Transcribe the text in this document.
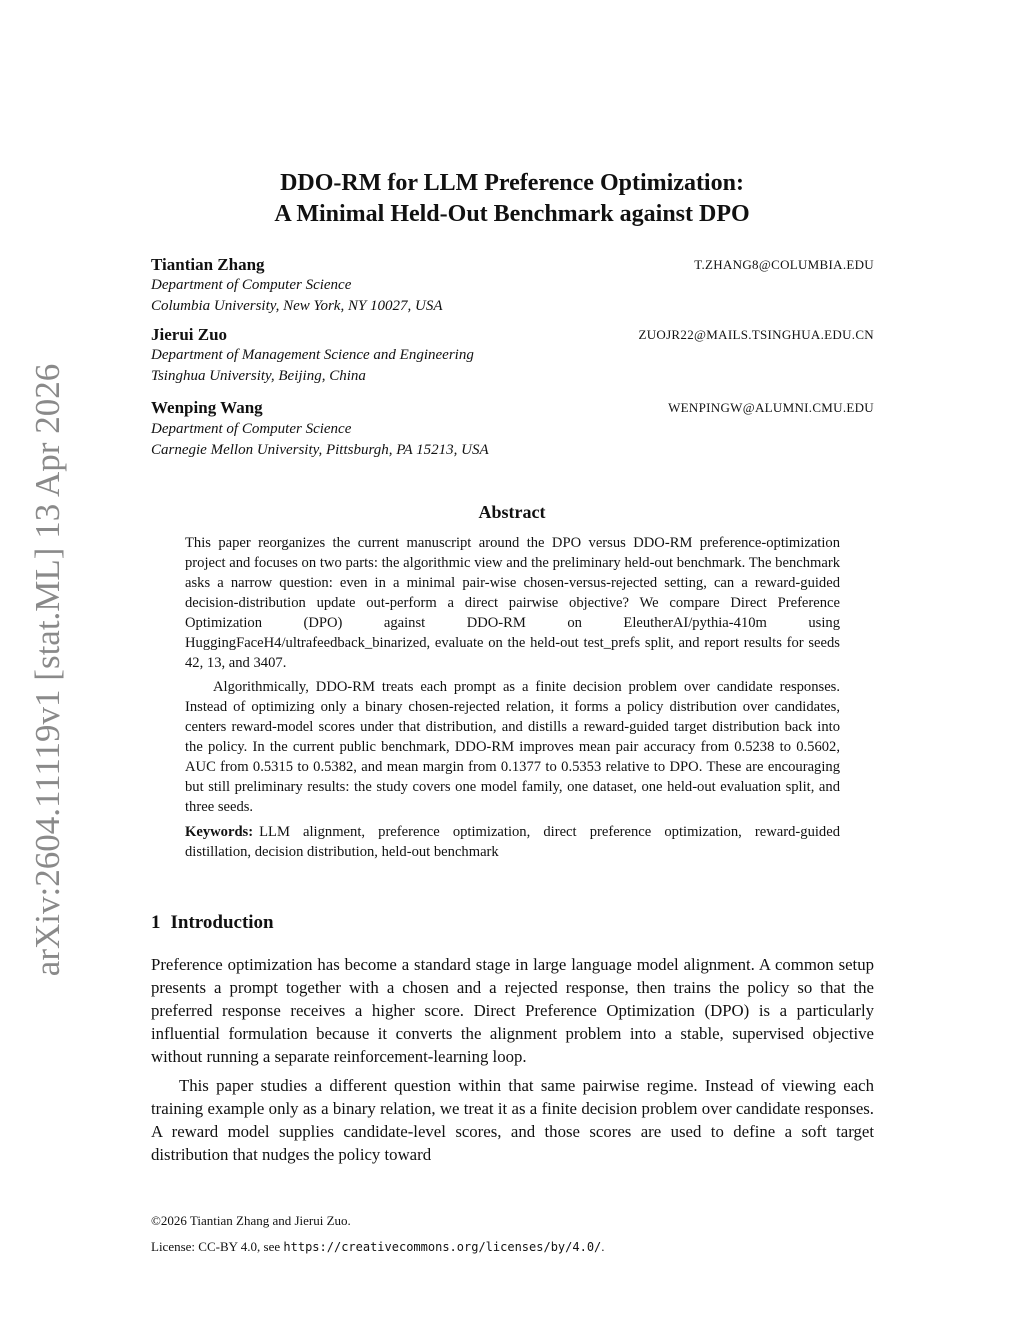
arXiv:2604.11119v1 [stat.ML] 13 Apr 2026
DDO-RM for LLM Preference Optimization:
A Minimal Held-Out Benchmark against DPO
Tiantian Zhang	T.ZHANG8@COLUMBIA.EDU
Department of Computer Science
Columbia University, New York, NY 10027, USA
Jierui Zuo	ZUOJR22@MAILS.TSINGHUA.EDU.CN
Department of Management Science and Engineering
Tsinghua University, Beijing, China
Wenping Wang	WENPINGW@ALUMNI.CMU.EDU
Department of Computer Science
Carnegie Mellon University, Pittsburgh, PA 15213, USA
Abstract

This paper reorganizes the current manuscript around the DPO versus DDO-RM preference-optimization project and focuses on two parts: the algorithmic view and the preliminary held-out benchmark. The benchmark asks a narrow question: even in a minimal pair-wise chosen-versus-rejected setting, can a reward-guided decision-distribution update out-perform a direct pairwise objective? We compare Direct Preference Optimization (DPO) against DDO-RM on EleutherAI/pythia-410m using HuggingFaceH4/ultrafeedback_binarized, evaluate on the held-out test_prefs split, and report results for seeds 42, 13, and 3407.

Algorithmically, DDO-RM treats each prompt as a finite decision problem over candidate responses. Instead of optimizing only a binary chosen-rejected relation, it forms a policy distribution over candidates, centers reward-model scores under that distribution, and distills a reward-guided target distribution back into the policy. In the current public benchmark, DDO-RM improves mean pair accuracy from 0.5238 to 0.5602, AUC from 0.5315 to 0.5382, and mean margin from 0.1377 to 0.5353 relative to DPO. These are encouraging but still preliminary results: the study covers one model family, one dataset, one held-out evaluation split, and three seeds.

Keywords: LLM alignment, preference optimization, direct preference optimization, reward-guided distillation, decision distribution, held-out benchmark

1 Introduction

Preference optimization has become a standard stage in large language model alignment. A common setup presents a prompt together with a chosen and a rejected response, then trains the policy so that the preferred response receives a higher score. Direct Preference Optimization (DPO) is a particularly influential formulation because it converts the alignment problem into a stable, supervised objective without running a separate reinforcement-learning loop.

This paper studies a different question within that same pairwise regime. Instead of viewing each training example only as a binary relation, we treat it as a finite decision problem over candidate responses. A reward model supplies candidate-level scores, and those scores are used to define a soft target distribution that nudges the policy toward

©2026 Tiantian Zhang and Jierui Zuo.
License: CC-BY 4.0, see https://creativecommons.org/licenses/by/4.0/.
